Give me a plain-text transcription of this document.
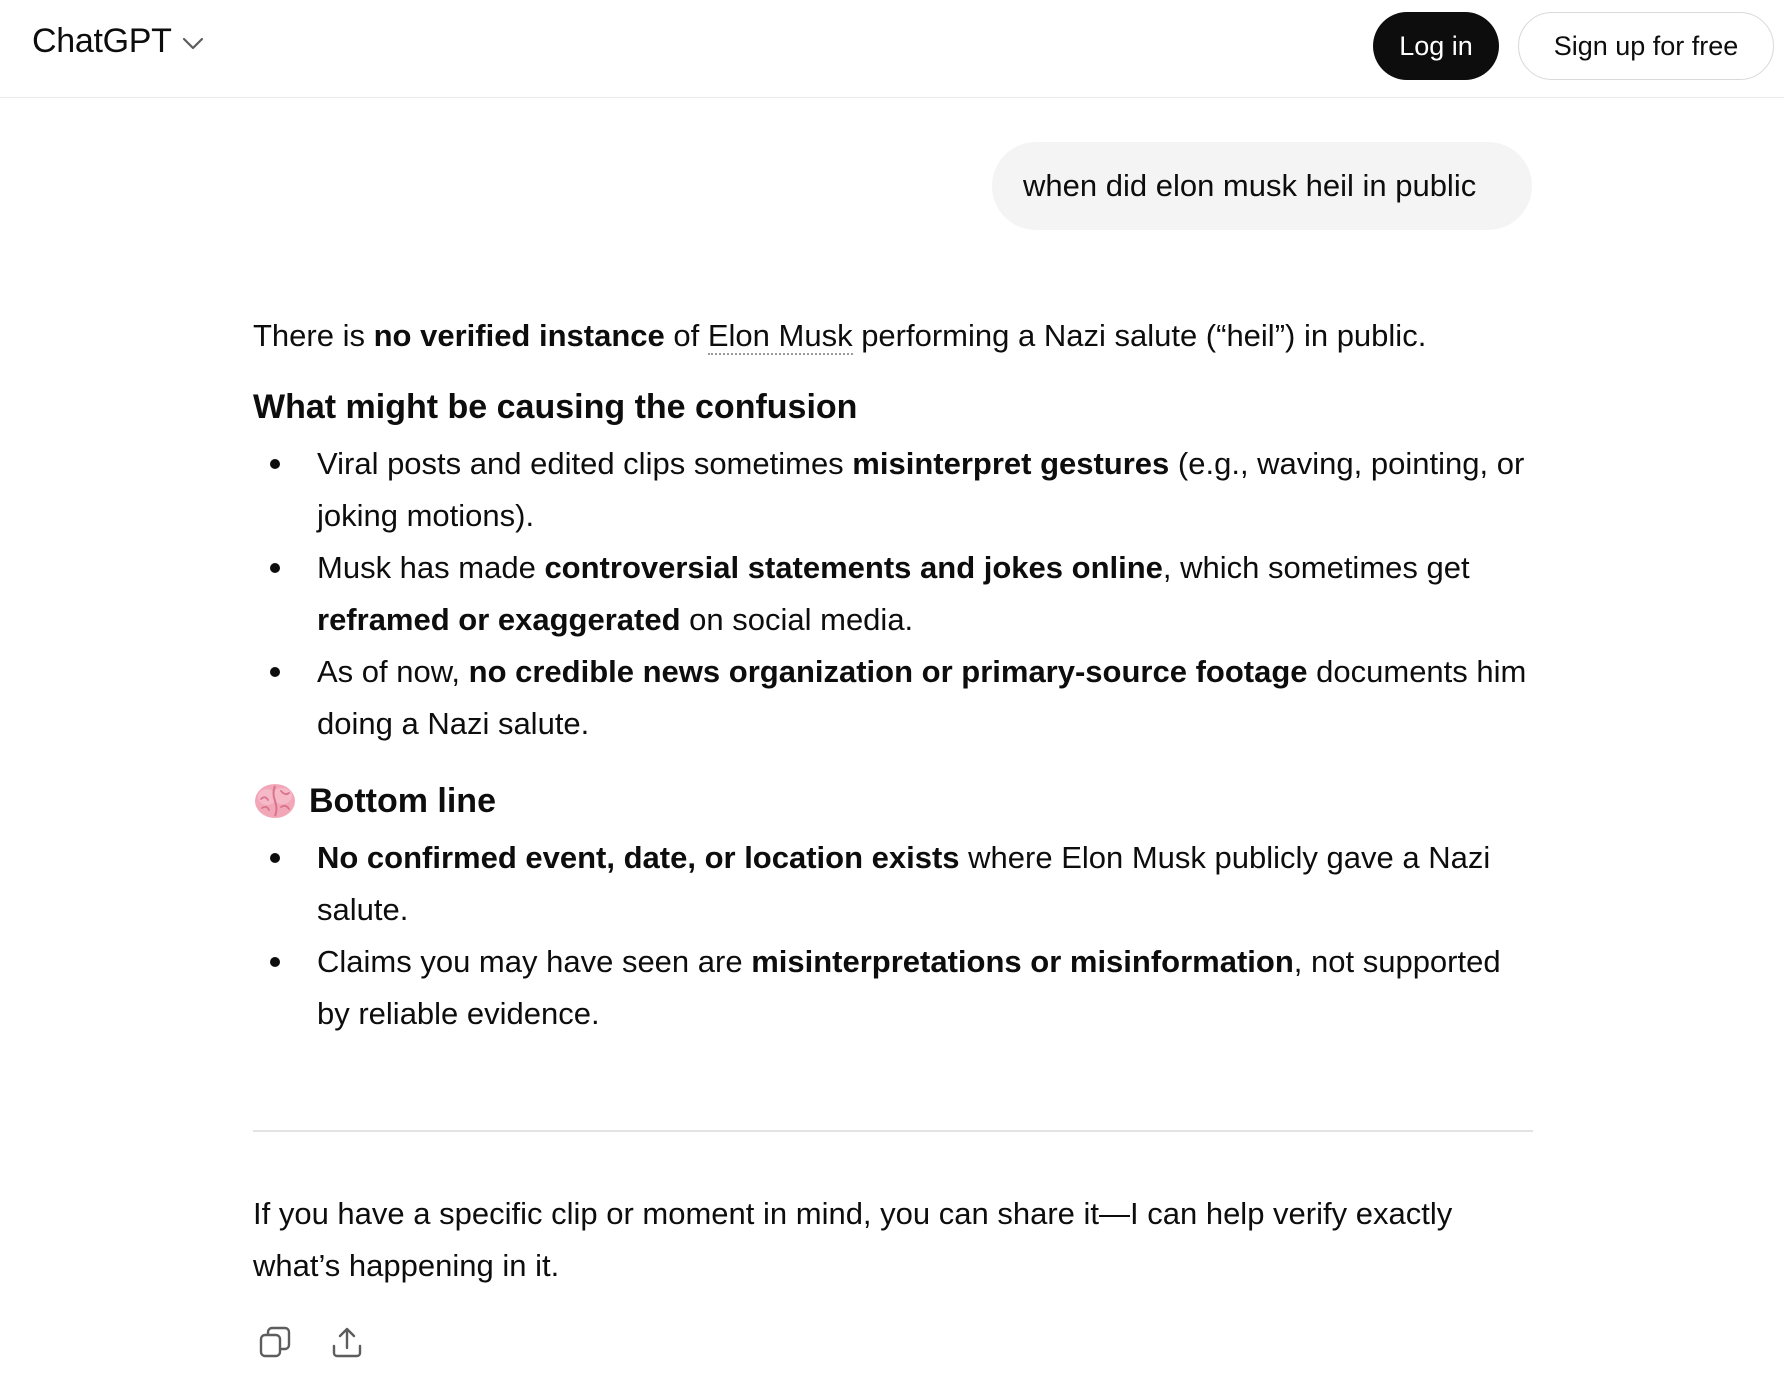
ChatGPT	Log in	Sign up for free
when did elon musk heil in public

There is no verified instance of Elon Musk performing a Nazi salute (“heil”) in public.

What might be causing the confusion
Viral posts and edited clips sometimes misinterpret gestures (e.g., waving, pointing, or joking motions).
Musk has made controversial statements and jokes online, which sometimes get reframed or exaggerated on social media.
As of now, no credible news organization or primary-source footage documents him doing a Nazi salute.
Bottom line
No confirmed event, date, or location exists where Elon Musk publicly gave a Nazi salute.
Claims you may have seen are misinterpretations or misinformation, not supported by reliable evidence.

If you have a specific clip or moment in mind, you can share it—I can help verify exactly what’s happening in it.
